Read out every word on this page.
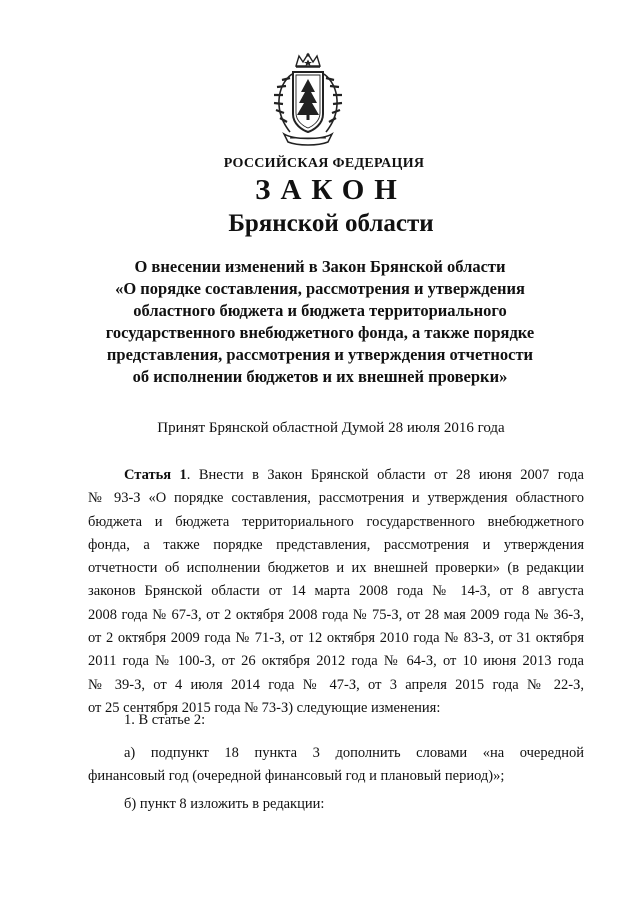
РОССИЙСКАЯ ФЕДЕРАЦИЯ
ЗАКОН
Брянской области
О внесении изменений в Закон Брянской области
«О порядке составления, рассмотрения и утверждения
областного бюджета и бюджета территориального
государственного внебюджетного фонда, а также порядке
представления, рассмотрения и утверждения отчетности
об исполнении бюджетов и их внешней проверки»
Принят Брянской областной Думой 28 июля 2016 года
Статья 1. Внести в Закон Брянской области от 28 июня 2007 года
№ 93-З «О порядке составления, рассмотрения и утверждения областного
бюджета и бюджета территориального государственного внебюджетного
фонда, а также порядке представления, рассмотрения и утверждения
отчетности об исполнении бюджетов и их внешней проверки» (в редакции
законов Брянской области от 14 марта 2008 года № 14-З, от 8 августа
2008 года № 67-З, от 2 октября 2008 года № 75-З, от 28 мая 2009 года № 36-З,
от 2 октября 2009 года № 71-З, от 12 октября 2010 года № 83-З, от 31 октября
2011 года № 100-З, от 26 октября 2012 года № 64-З, от 10 июня 2013 года
№ 39-З, от 4 июля 2014 года № 47-З, от 3 апреля 2015 года № 22-З,
от 25 сентября 2015 года № 73-З) следующие изменения:
1. В статье 2:
а) подпункт 18 пункта 3 дополнить словами «на очередной
финансовый год (очередной финансовый год и плановый период)»;
б) пункт 8 изложить в редакции:
